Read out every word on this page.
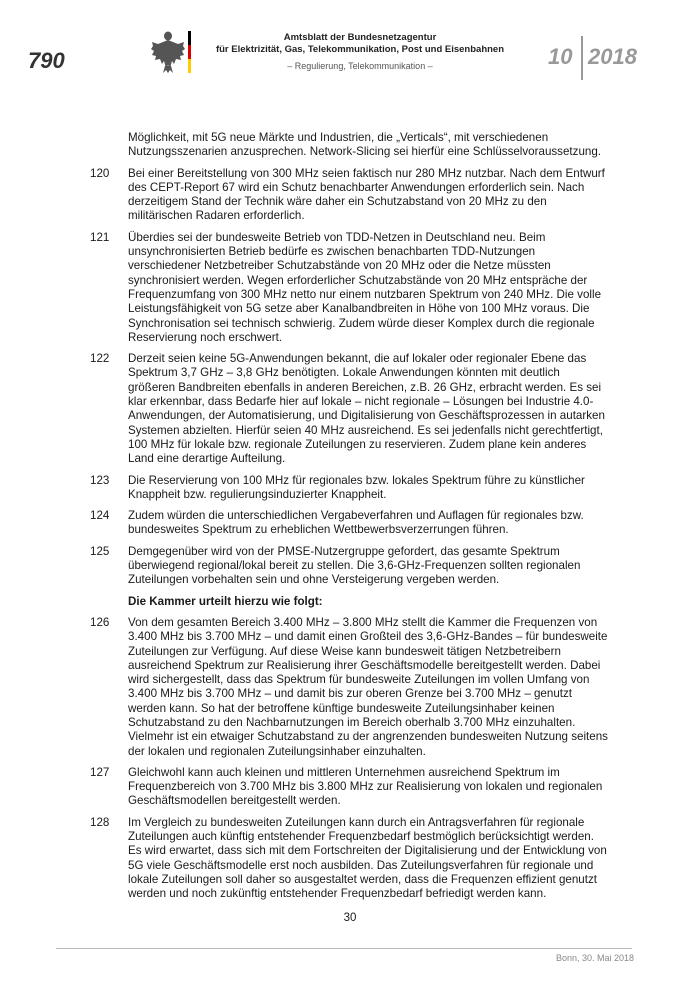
790
Amtsblatt der Bundesnetzagentur
für Elektrizität, Gas, Telekommunikation, Post und Eisenbahnen
– Regulierung, Telekommunikation –	10 2018
Möglichkeit, mit 5G neue Märkte und Industrien, die „Verticals“, mit verschiedenen Nutzungsszenarien anzusprechen. Network-Slicing sei hierfür eine Schlüsselvoraussetzung.
120	Bei einer Bereitstellung von 300 MHz seien faktisch nur 280 MHz nutzbar. Nach dem Entwurf des CEPT-Report 67 wird ein Schutz benachbarter Anwendungen erforderlich sein. Nach derzeitigem Stand der Technik wäre daher ein Schutzabstand von 20 MHz zu den militärischen Radaren erforderlich.
121	Überdies sei der bundesweite Betrieb von TDD-Netzen in Deutschland neu. Beim unsynchronisierten Betrieb bedürfe es zwischen benachbarten TDD-Nutzungen verschiedener Netzbetreiber Schutzabstände von 20 MHz oder die Netze müssten synchronisiert werden. Wegen erforderlicher Schutzabstände von 20 MHz entspräche der Frequenzumfang von 300 MHz netto nur einem nutzbaren Spektrum von 240 MHz. Die volle Leistungsfähigkeit von 5G setze aber Kanalbandbreiten in Höhe von 100 MHz voraus. Die Synchronisation sei technisch schwierig. Zudem würde dieser Komplex durch die regionale Reservierung noch erschwert.
122	Derzeit seien keine 5G-Anwendungen bekannt, die auf lokaler oder regionaler Ebene das Spektrum 3,7 GHz – 3,8 GHz benötigten. Lokale Anwendungen könnten mit deutlich größeren Bandbreiten ebenfalls in anderen Bereichen, z.B. 26 GHz, erbracht werden. Es sei klar erkennbar, dass Bedarfe hier auf lokale – nicht regionale – Lösungen bei Industrie 4.0-Anwendungen, der Automatisierung, und Digitalisierung von Geschäftsprozessen in autarken Systemen abzielten. Hierfür seien 40 MHz ausreichend. Es sei jedenfalls nicht gerechtfertigt, 100 MHz für lokale bzw. regionale Zuteilungen zu reservieren. Zudem plane kein anderes Land eine derartige Aufteilung.
123	Die Reservierung von 100 MHz für regionales bzw. lokales Spektrum führe zu künstlicher Knappheit bzw. regulierungsinduzierter Knappheit.
124	Zudem würden die unterschiedlichen Vergabeverfahren und Auflagen für regionales bzw. bundesweites Spektrum zu erheblichen Wettbewerbsverzerrungen führen.
125	Demgegenüber wird von der PMSE-Nutzergruppe gefordert, das gesamte Spektrum überwiegend regional/lokal bereit zu stellen. Die 3,6-GHz-Frequenzen sollten regionalen Zuteilungen vorbehalten sein und ohne Versteigerung vergeben werden.
Die Kammer urteilt hierzu wie folgt:
126	Von dem gesamten Bereich 3.400 MHz – 3.800 MHz stellt die Kammer die Frequenzen von 3.400 MHz bis 3.700 MHz – und damit einen Großteil des 3,6-GHz-Bandes – für bundesweite Zuteilungen zur Verfügung. Auf diese Weise kann bundesweit tätigen Netzbetreibern ausreichend Spektrum zur Realisierung ihrer Geschäftsmodelle bereitgestellt werden. Dabei wird sichergestellt, dass das Spektrum für bundesweite Zuteilungen im vollen Umfang von 3.400 MHz bis 3.700 MHz – und damit bis zur oberen Grenze bei 3.700 MHz – genutzt werden kann. So hat der betroffene künftige bundesweite Zuteilungsinhaber keinen Schutzabstand zu den Nachbarnutzungen im Bereich oberhalb 3.700 MHz einzuhalten. Vielmehr ist ein etwaiger Schutzabstand zu der angrenzenden bundesweiten Nutzung seitens der lokalen und regionalen Zuteilungsinhaber einzuhalten.
127	Gleichwohl kann auch kleinen und mittleren Unternehmen ausreichend Spektrum im Frequenzbereich von 3.700 MHz bis 3.800 MHz zur Realisierung von lokalen und regionalen Geschäftsmodellen bereitgestellt werden.
128	Im Vergleich zu bundesweiten Zuteilungen kann durch ein Antragsverfahren für regionale Zuteilungen auch künftig entstehender Frequenzbedarf bestmöglich berücksichtigt werden. Es wird erwartet, dass sich mit dem Fortschreiten der Digitalisierung und der Entwicklung von 5G viele Geschäftsmodelle erst noch ausbilden. Das Zuteilungsverfahren für regionale und lokale Zuteilungen soll daher so ausgestaltet werden, dass die Frequenzen effizient genutzt werden und noch zukünftig entstehender Frequenzbedarf befriedigt werden kann.
30
Bonn, 30. Mai 2018
